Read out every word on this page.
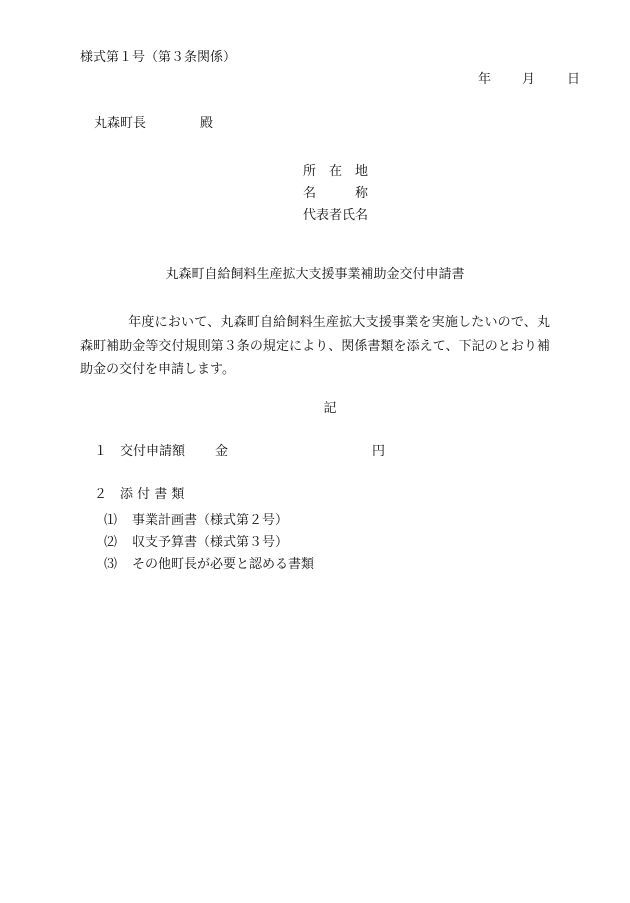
様式第１号（第３条関係）
年 月 日
丸森町長	殿
所　在　地
名　　　称
代表者氏名
丸森町自給飼料生産拡大支援事業補助金交付申請書
年度において、丸森町自給飼料生産拡大支援事業を実施したいので、丸森町補助金等交付規則第３条の規定により、関係書類を添えて、下記のとおり補助金の交付を申請します。
記
１ 交付申請額 金	円
２ 添 付 書 類
⑴ 事業計画書（様式第２号）
⑵ 収支予算書（様式第３号）
⑶ その他町長が必要と認める書類
